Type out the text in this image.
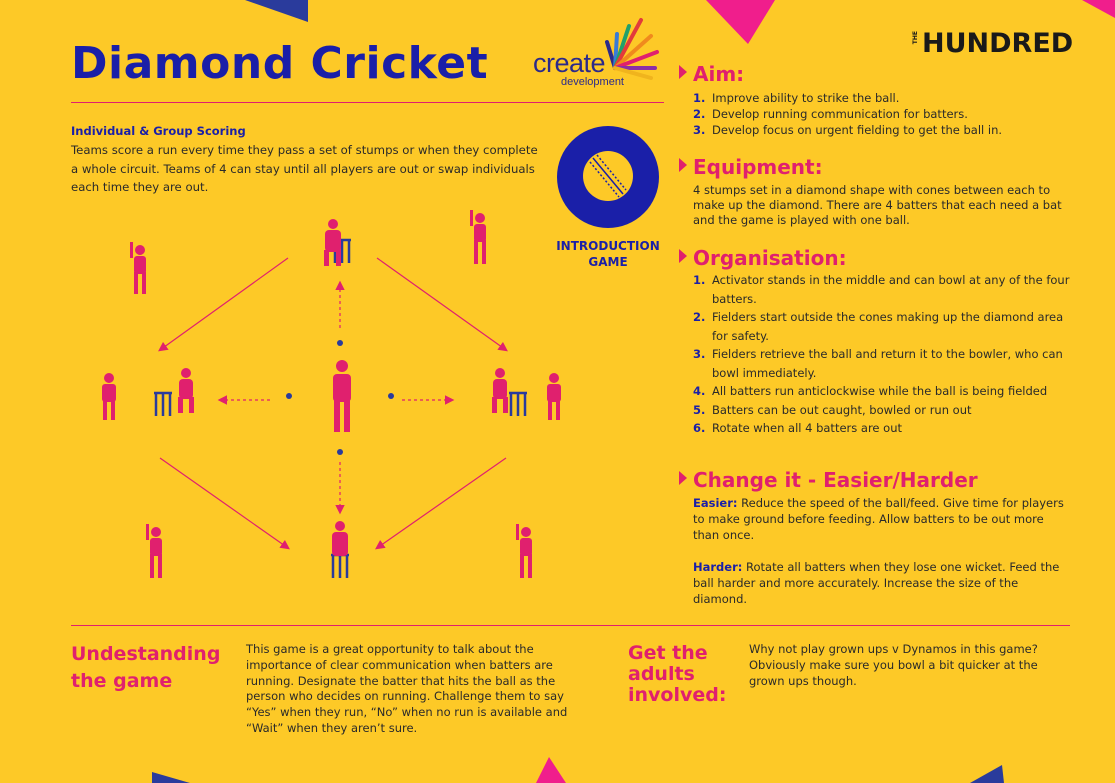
Diamond Cricket create
development
THE HUNDRED
Individual & Group Scoring
Teams score a run every time they pass a set of stumps or when they complete a whole circuit. Teams of 4 can stay until all players are out or swap individuals each time they are out.
INTRODUCTION
GAME
Aim:
1. Improve ability to strike the ball.
2. Develop running communication for batters.
3. Develop focus on urgent fielding to get the ball in.
Equipment:
4 stumps set in a diamond shape with cones between each to make up the diamond. There are 4 batters that each need a bat and the game is played with one ball.
Organisation:
1. Activator stands in the middle and can bowl at any of the four batters.
2. Fielders start outside the cones making up the diamond area for safety.
3. Fielders retrieve the ball and return it to the bowler, who can bowl immediately.
4. All batters run anticlockwise while the ball is being fielded
5. Batters can be out caught, bowled or run out
6. Rotate when all 4 batters are out
Change it - Easier/Harder
Easier: Reduce the speed of the ball/feed. Give time for players to make ground before feeding. Allow batters to be out more than once.
Harder: Rotate all batters when they lose one wicket. Feed the ball harder and more accurately. Increase the size of the diamond.
Undestanding
the game
This game is a great opportunity to talk about the importance of clear communication when batters are running. Designate the batter that hits the ball as the person who decides on running. Challenge them to say “Yes” when they run, “No” when no run is available and “Wait” when they aren’t sure.
Get the
adults
involved:
Why not play grown ups v Dynamos in this game? Obviously make sure you bowl a bit quicker at the grown ups though.
